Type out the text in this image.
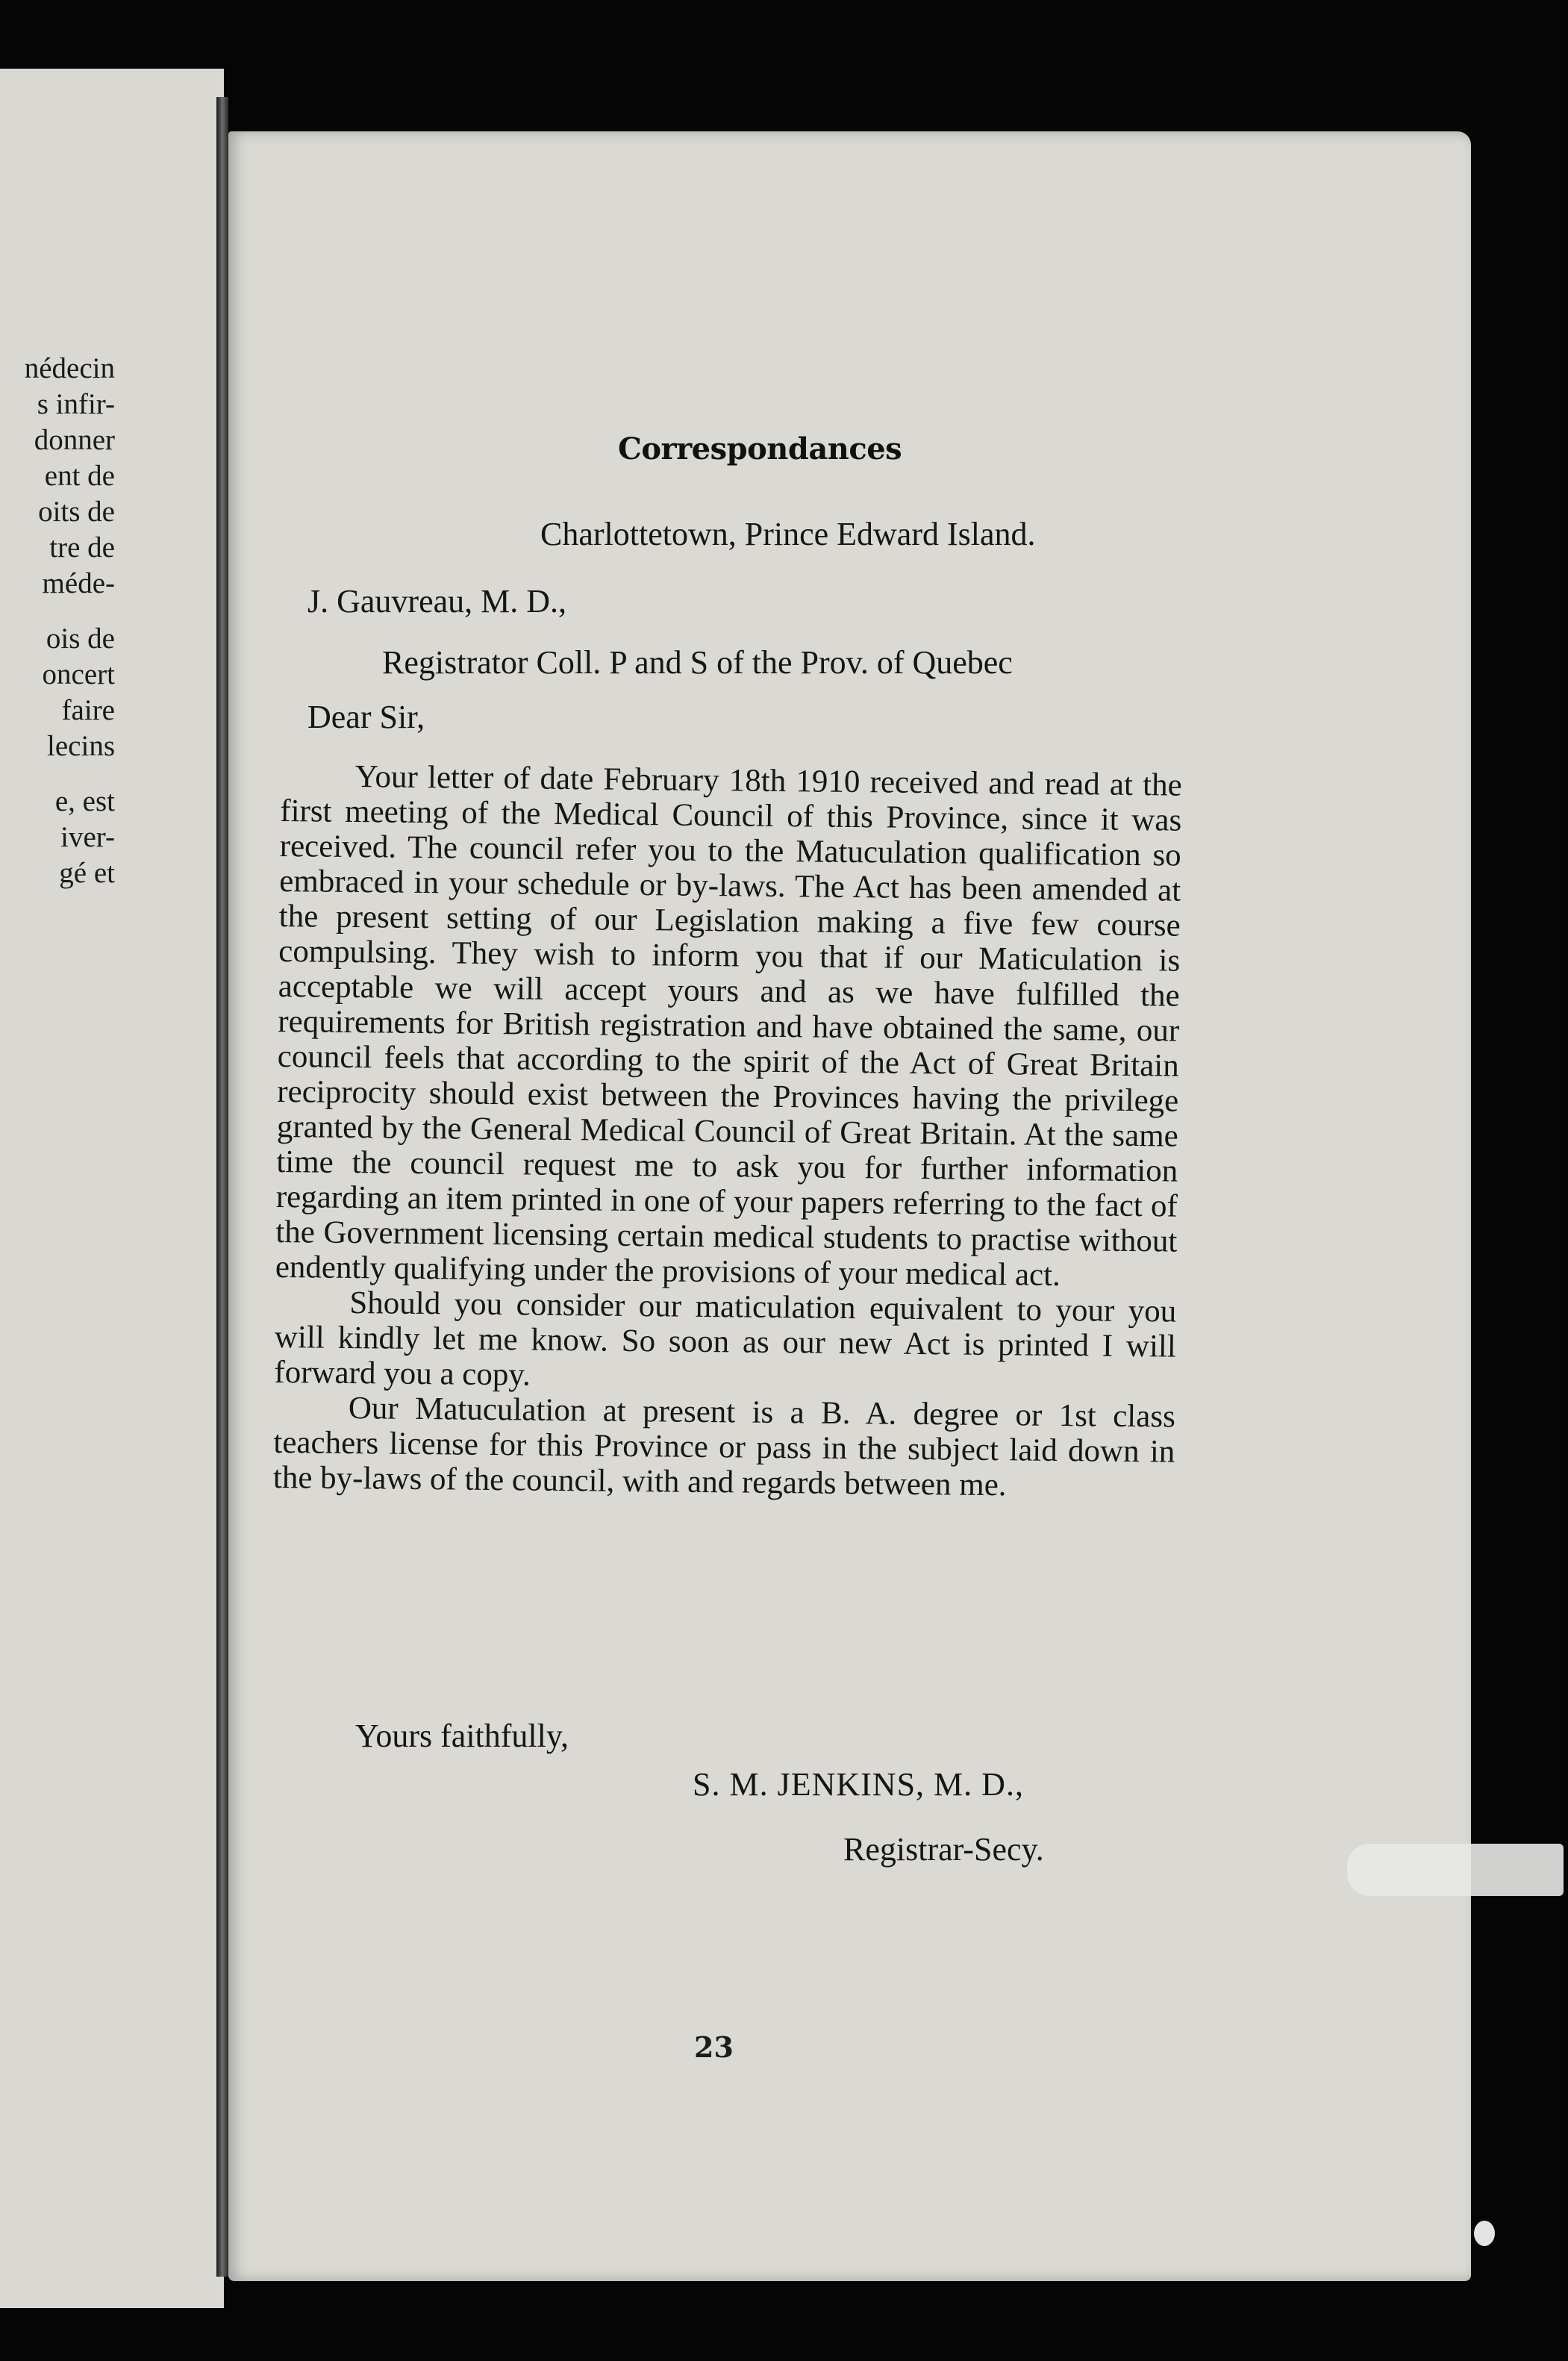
nédecin
s infir-
donner
ent de
oits de
tre de
méde-
ois de
oncert
faire
lecins
e, est
iver-
gé et
Correspondances
Charlottetown, Prince Edward Island.
J. Gauvreau, M. D.,
Registrator Coll. P and S of the Prov. of Quebec
Dear Sir,

Your letter of date February 18th 1910 received and read at the first meeting of the Medical Council of this Province, since it was received. The council refer you to the Matuculation qualification so embraced in your schedule or by-laws. The Act has been amended at the present setting of our Legislation making a five few course compulsing. They wish to inform you that if our Maticulation is acceptable we will accept yours and as we have fulfilled the requirements for British registration and have obtained the same, our council feels that according to the spirit of the Act of Great Britain reciprocity should exist between the Provinces having the privilege granted by the General Medical Council of Great Britain. At the same time the council request me to ask you for further information regarding an item printed in one of your papers referring to the fact of the Government licensing certain medical students to practise without endently qualifying under the provisions of your medical act.

Should you consider our maticulation equivalent to your you will kindly let me know. So soon as our new Act is printed I will forward you a copy.

Our Matuculation at present is a B. A. degree or 1st class teachers license for this Province or pass in the subject laid down in the by-laws of the council, with and regards between me.

Yours faithfully,
S. M. JENKINS, M. D.,
Registrar-Secy.
23
